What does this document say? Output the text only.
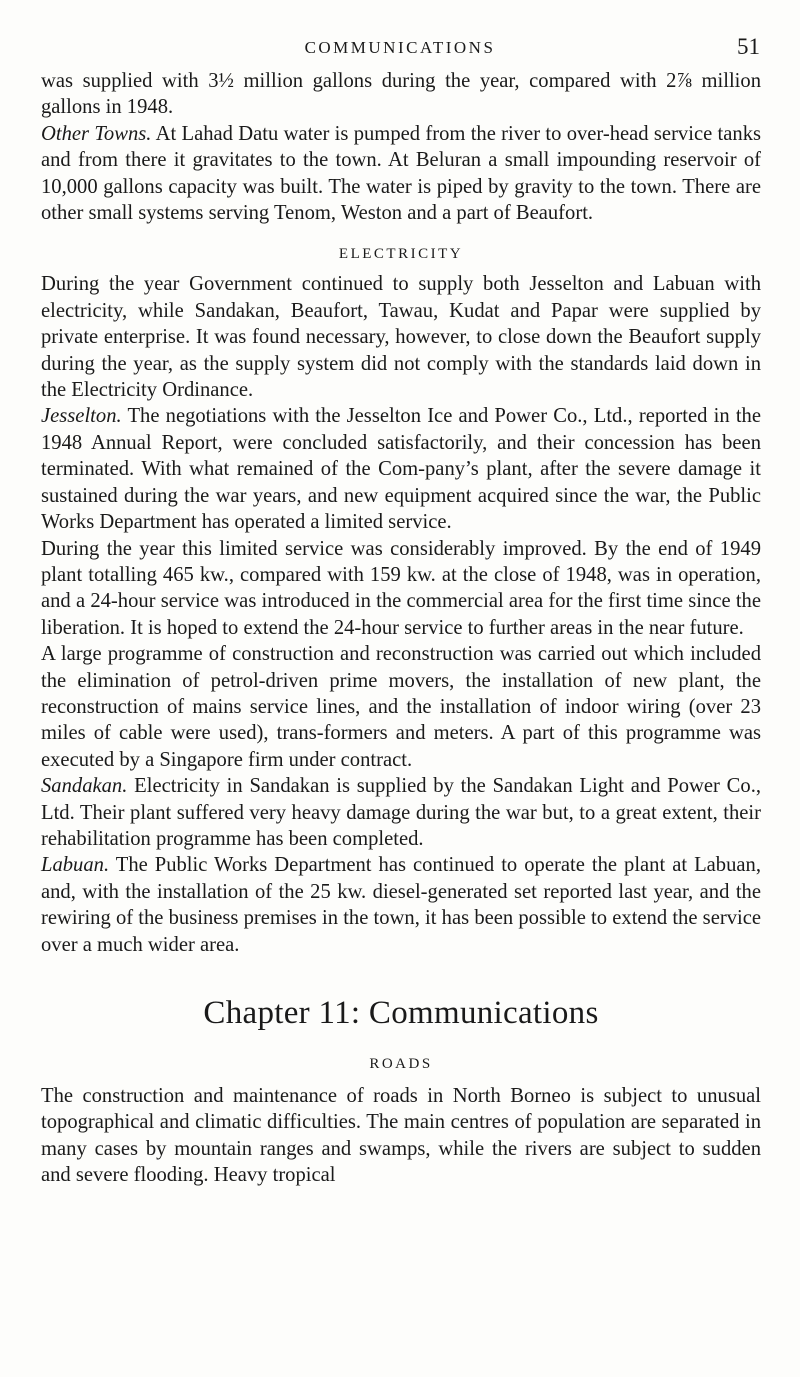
COMMUNICATIONS	51

was supplied with 3½ million gallons during the year, compared with 2⅞ million gallons in 1948.

Other Towns. At Lahad Datu water is pumped from the river to over-head service tanks and from there it gravitates to the town. At Beluran a small impounding reservoir of 10,000 gallons capacity was built. The water is piped by gravity to the town. There are other small systems serving Tenom, Weston and a part of Beaufort.

ELECTRICITY

During the year Government continued to supply both Jesselton and Labuan with electricity, while Sandakan, Beaufort, Tawau, Kudat and Papar were supplied by private enterprise. It was found necessary, however, to close down the Beaufort supply during the year, as the supply system did not comply with the standards laid down in the Electricity Ordinance.

Jesselton. The negotiations with the Jesselton Ice and Power Co., Ltd., reported in the 1948 Annual Report, were concluded satisfactorily, and their concession has been terminated. With what remained of the Com-pany’s plant, after the severe damage it sustained during the war years, and new equipment acquired since the war, the Public Works Department has operated a limited service.

During the year this limited service was considerably improved. By the end of 1949 plant totalling 465 kw., compared with 159 kw. at the close of 1948, was in operation, and a 24-hour service was introduced in the commercial area for the first time since the liberation. It is hoped to extend the 24-hour service to further areas in the near future.

A large programme of construction and reconstruction was carried out which included the elimination of petrol-driven prime movers, the installation of new plant, the reconstruction of mains service lines, and the installation of indoor wiring (over 23 miles of cable were used), trans-formers and meters. A part of this programme was executed by a Singapore firm under contract.

Sandakan. Electricity in Sandakan is supplied by the Sandakan Light and Power Co., Ltd. Their plant suffered very heavy damage during the war but, to a great extent, their rehabilitation programme has been completed.

Labuan. The Public Works Department has continued to operate the plant at Labuan, and, with the installation of the 25 kw. diesel-generated set reported last year, and the rewiring of the business premises in the town, it has been possible to extend the service over a much wider area.

Chapter 11: Communications
ROADS

The construction and maintenance of roads in North Borneo is subject to unusual topographical and climatic difficulties. The main centres of population are separated in many cases by mountain ranges and swamps, while the rivers are subject to sudden and severe flooding. Heavy tropical
